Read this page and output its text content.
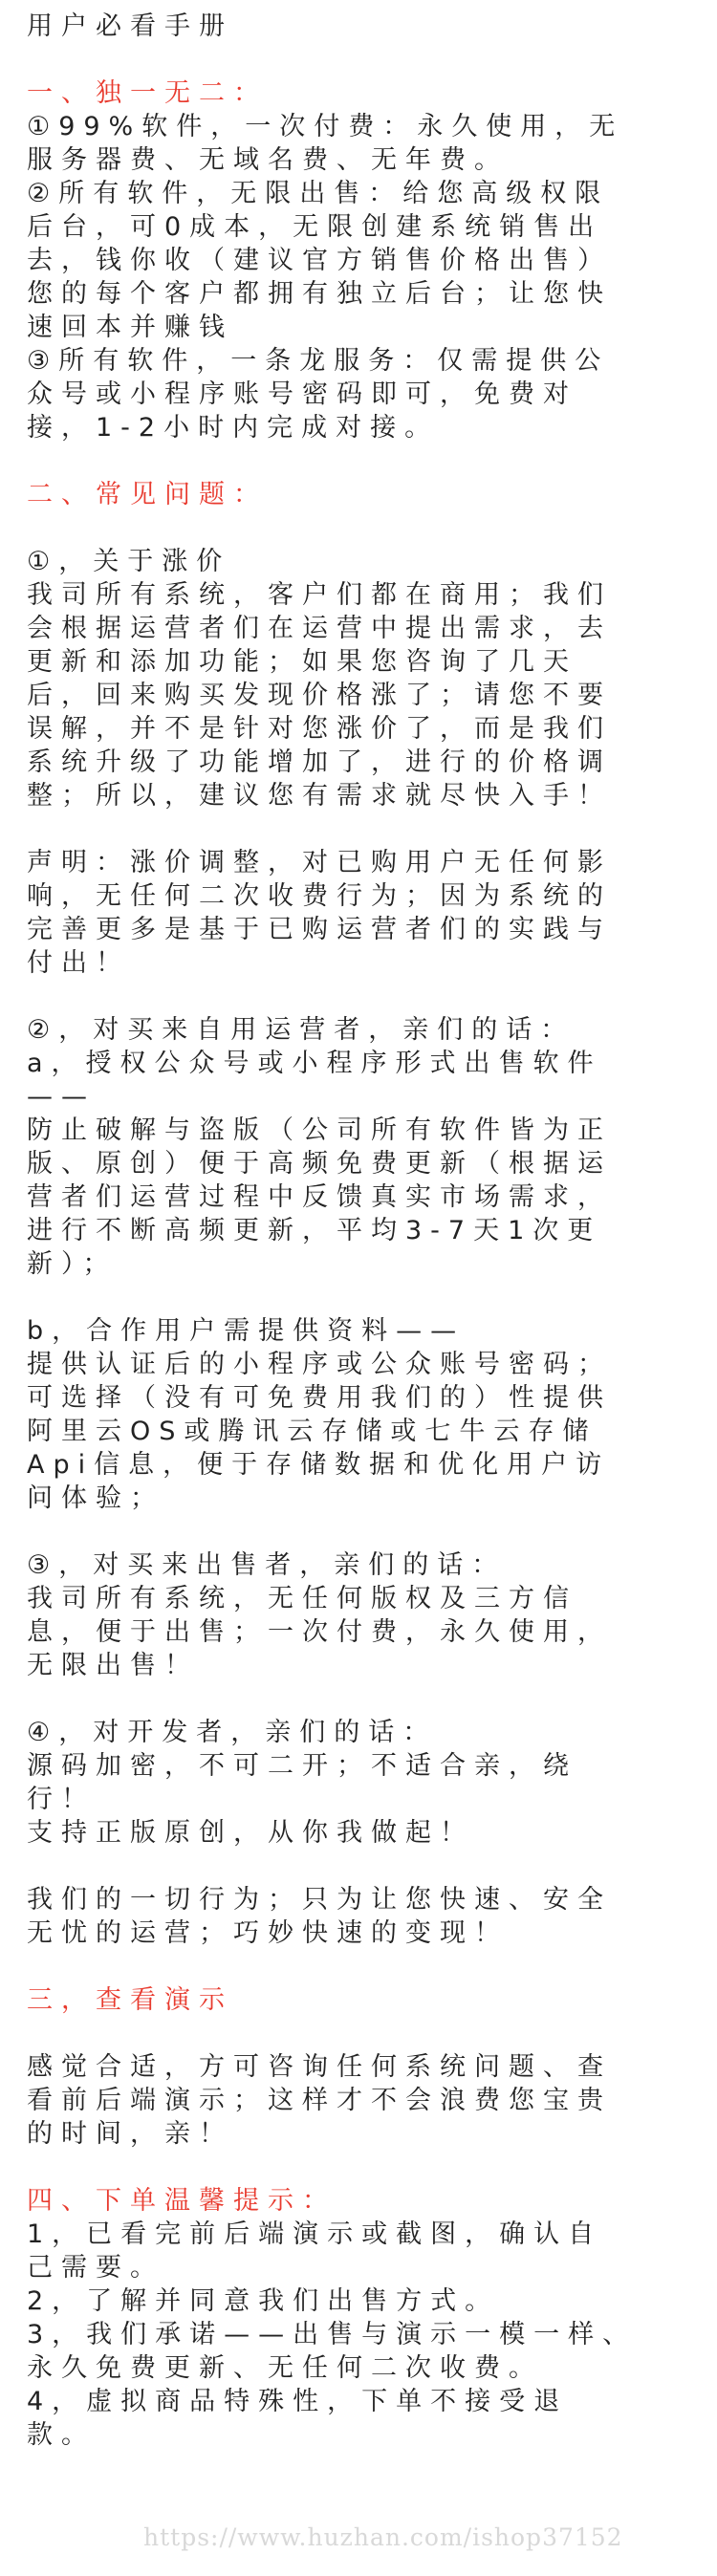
用户必看手册
一、独一无二：
①99%软件，一次付费：永久使用，无
服务器费、无域名费、无年费。
②所有软件，无限出售：给您高级权限
后台，可0成本，无限创建系统销售出
去，钱你收（建议官方销售价格出售）
您的每个客户都拥有独立后台；让您快
速回本并赚钱
③所有软件，一条龙服务：仅需提供公
众号或小程序账号密码即可，免费对
接，1-2小时内完成对接。
二、常见问题：
①，关于涨价
我司所有系统，客户们都在商用；我们
会根据运营者们在运营中提出需求，去
更新和添加功能；如果您咨询了几天
后，回来购买发现价格涨了；请您不要
误解，并不是针对您涨价了，而是我们
系统升级了功能增加了，进行的价格调
整；所以，建议您有需求就尽快入手！
声明：涨价调整，对已购用户无任何影
响，无任何二次收费行为；因为系统的
完善更多是基于已购运营者们的实践与
付出！
②，对买来自用运营者，亲们的话：
a，授权公众号或小程序形式出售软件
——
防止破解与盗版（公司所有软件皆为正
版、原创）便于高频免费更新（根据运
营者们运营过程中反馈真实市场需求，
进行不断高频更新，平均3-7天1次更
新）；
b，合作用户需提供资料——
提供认证后的小程序或公众账号密码；
可选择（没有可免费用我们的）性提供
阿里云OS或腾讯云存储或七牛云存储
Api信息，便于存储数据和优化用户访
问体验；
③，对买来出售者，亲们的话：
我司所有系统，无任何版权及三方信
息，便于出售；一次付费，永久使用，
无限出售！
④，对开发者，亲们的话：
源码加密，不可二开；不适合亲，绕
行！
支持正版原创，从你我做起！
我们的一切行为；只为让您快速、安全
无忧的运营；巧妙快速的变现！
三，查看演示
感觉合适，方可咨询任何系统问题、查
看前后端演示；这样才不会浪费您宝贵
的时间，亲！
四、下单温馨提示：
1，已看完前后端演示或截图，确认自
己需要。
2，了解并同意我们出售方式。
3，我们承诺——出售与演示一模一样、
永久免费更新、无任何二次收费。
4，虚拟商品特殊性，下单不接受退
款。
https://www.huzhan.com/ishop37152
